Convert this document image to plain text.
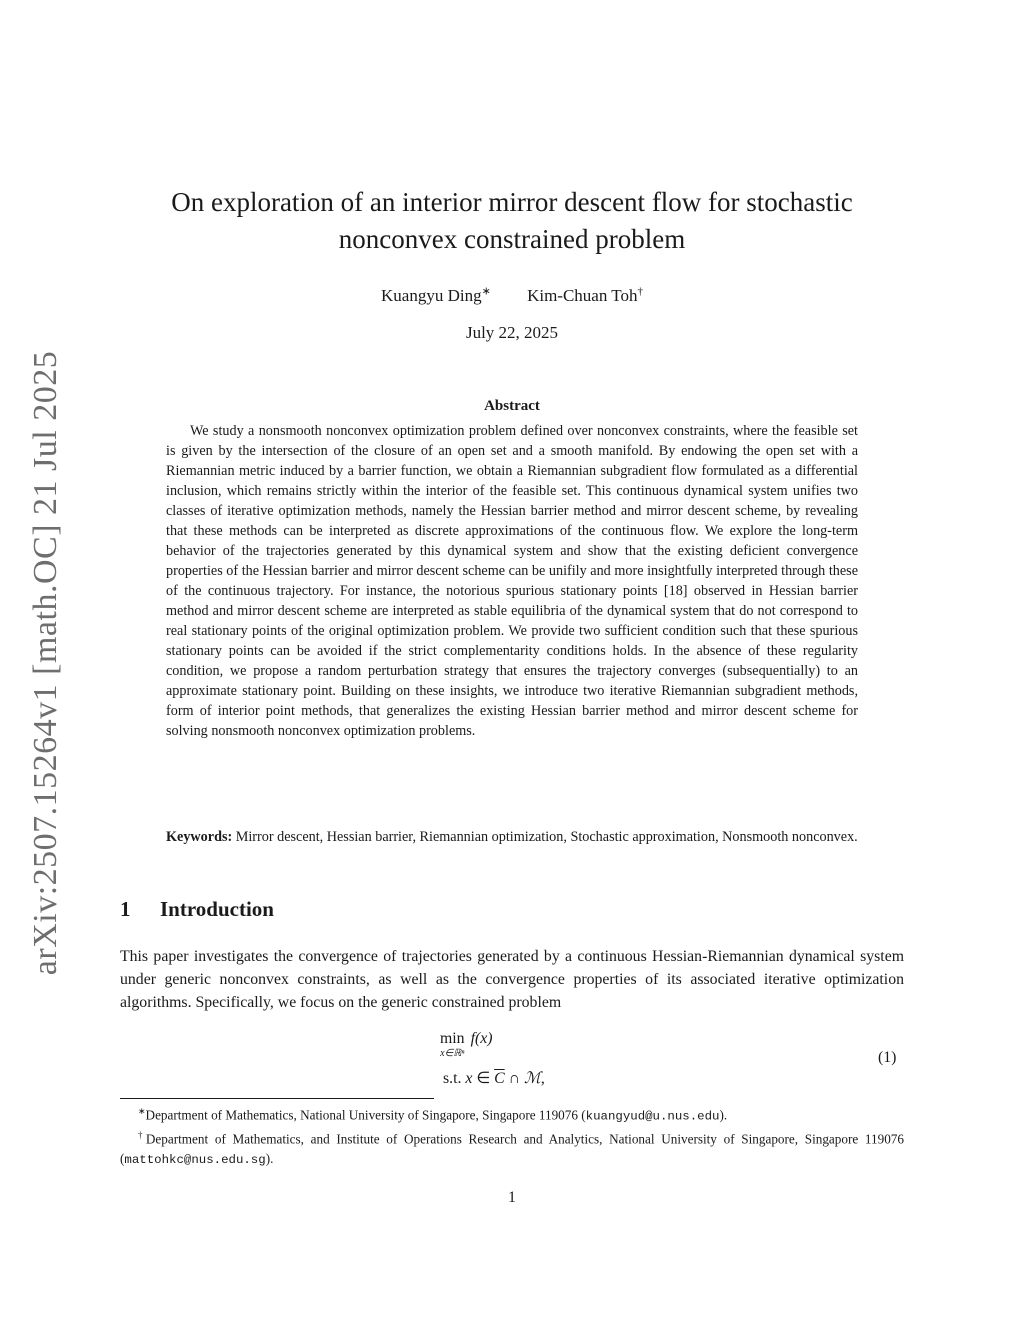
arXiv:2507.15264v1 [math.OC] 21 Jul 2025
On exploration of an interior mirror descent flow for stochastic nonconvex constrained problem
Kuangyu Ding∗ Kim-Chuan Toh†
July 22, 2025
Abstract

We study a nonsmooth nonconvex optimization problem defined over nonconvex constraints, where the feasible set is given by the intersection of the closure of an open set and a smooth manifold. By endowing the open set with a Riemannian metric induced by a barrier function, we obtain a Riemannian subgradient flow formulated as a differential inclusion, which remains strictly within the interior of the feasible set. This continuous dynamical system unifies two classes of iterative optimization methods, namely the Hessian barrier method and mirror descent scheme, by revealing that these methods can be interpreted as discrete approximations of the continuous flow. We explore the long-term behavior of the trajectories generated by this dynamical system and show that the existing deficient convergence properties of the Hessian barrier and mirror descent scheme can be unifily and more insightfully interpreted through these of the continuous trajectory. For instance, the notorious spurious stationary points [18] observed in Hessian barrier method and mirror descent scheme are interpreted as stable equilibria of the dynamical system that do not correspond to real stationary points of the original optimization problem. We provide two sufficient condition such that these spurious stationary points can be avoided if the strict complementarity conditions holds. In the absence of these regularity condition, we propose a random perturbation strategy that ensures the trajectory converges (subsequentially) to an approximate stationary point. Building on these insights, we introduce two iterative Riemannian subgradient methods, form of interior point methods, that generalizes the existing Hessian barrier method and mirror descent scheme for solving nonsmooth nonconvex optimization problems.

Keywords: Mirror descent, Hessian barrier, Riemannian optimization, Stochastic approximation, Nonsmooth nonconvex.

1 Introduction

This paper investigates the convergence of trajectories generated by a continuous Hessian-Riemannian dynamical system under generic nonconvex constraints, as well as the convergence properties of its associated iterative optimization algorithms. Specifically, we focus on the generic constrained problem

min
x∈ℝⁿ
f(x)
s.t. x ∈ $\overline{C}$ ∩ ℳ,
(1)

∗Department of Mathematics, National University of Singapore, Singapore 119076 (kuangyud@u.nus.edu).

†Department of Mathematics, and Institute of Operations Research and Analytics, National University of Singapore, Singapore 119076 (mattohkc@nus.edu.sg).

1
